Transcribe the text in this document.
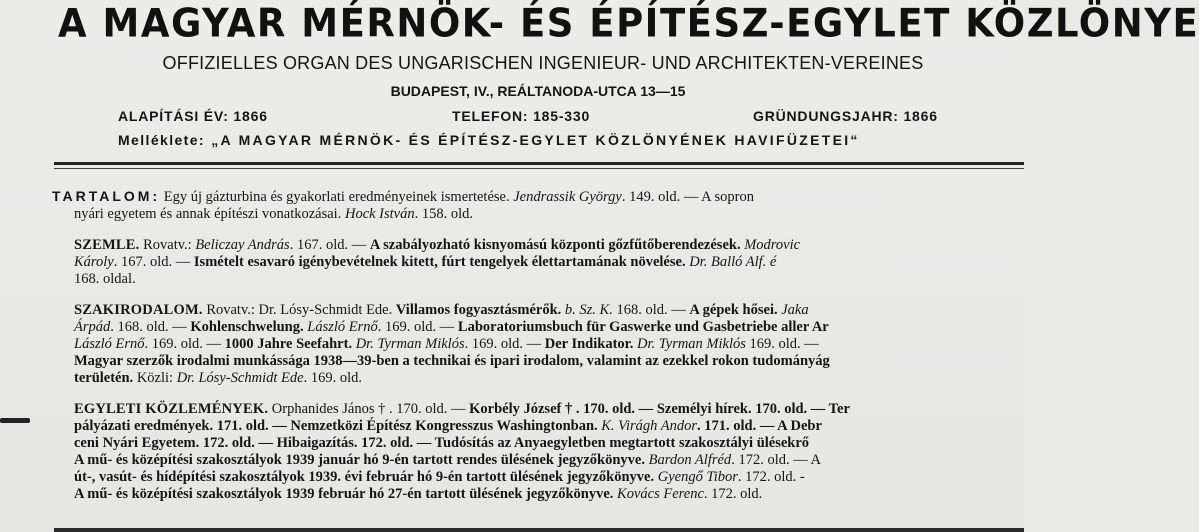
A MAGYAR MÉRNÖK- ÉS ÉPÍTÉSZ-EGYLET KÖZLÖNYE
OFFIZIELLES ORGAN DES UNGARISCHEN INGENIEUR- UND ARCHITEKTEN-VEREINES
BUDAPEST, IV., REÁLTANODA-UTCA 13—15
ALAPÍTÁSI ÉV: 1866	TELEFON: 185-330	GRÜNDUNGSJAHR: 1866
Melléklete: „A MAGYAR MÉRNÖK- ÉS ÉPÍTÉSZ-EGYLET KÖZLÖNYÉNEK HAVIFÜZETEI“
TARTALOM: Egy új gázturbina és gyakorlati eredményeinek ismertetése. Jendrassik György. 149. old. — A sopron
nyári egyetem és annak építészi vonatkozásai. Hock István. 158. old.
SZEMLE. Rovatv.: Beliczay András. 167. old. — A szabályozható kisnyomású központi gőzfűtőberendezések. Modrovic
Károly. 167. old. — Ismételt esavaró igénybevételnek kitett, fúrt tengelyek élettartamának növelése. Dr. Balló Alf. é
168. oldal.
SZAKIRODALOM. Rovatv.: Dr. Lósy-Schmidt Ede. Villamos fogyasztásmérők. b. Sz. K. 168. old. — A gépek hősei. Jaka
Árpád. 168. old. — Kohlenschwelung. László Ernő. 169. old. — Laboratoriumsbuch für Gaswerke und Gasbetriebe aller Ar
László Ernő. 169. old. — 1000 Jahre Seefahrt. Dr. Tyrman Miklós. 169. old. — Der Indikator. Dr. Tyrman Miklós 169. old. —
Magyar szerzők irodalmi munkássága 1938—39-ben a technikai és ipari irodalom, valamint az ezekkel rokon tudományág
területén. Közli: Dr. Lósy-Schmidt Ede. 169. old.
EGYLETI KÖZLEMÉNYEK. Orphanides János † . 170. old. — Korbély József † . 170. old. — Személyi hírek. 170. old. — Ter
pályázati eredmények. 171. old. — Nemzetközi Építész Kongresszus Washingtonban. K. Virágh Andor. 171. old. — A Debr
ceni Nyári Egyetem. 172. old. — Hibaigazítás. 172. old. — Tudósítás az Anyaegyletben megtartott szakosztályi ülésekrő
A mű- és középítési szakosztályok 1939 január hó 9-én tartott rendes ülésének jegyzőkönyve. Bardon Alfréd. 172. old. — A
út-, vasút- és hídépítési szakosztályok 1939. évi február hó 9-én tartott ülésének jegyzőkönyve. Gyengő Tibor. 172. old. -
A mű- és középítési szakosztályok 1939 február hó 27-én tartott ülésének jegyzőkönyve. Kovács Ferenc. 172. old.
